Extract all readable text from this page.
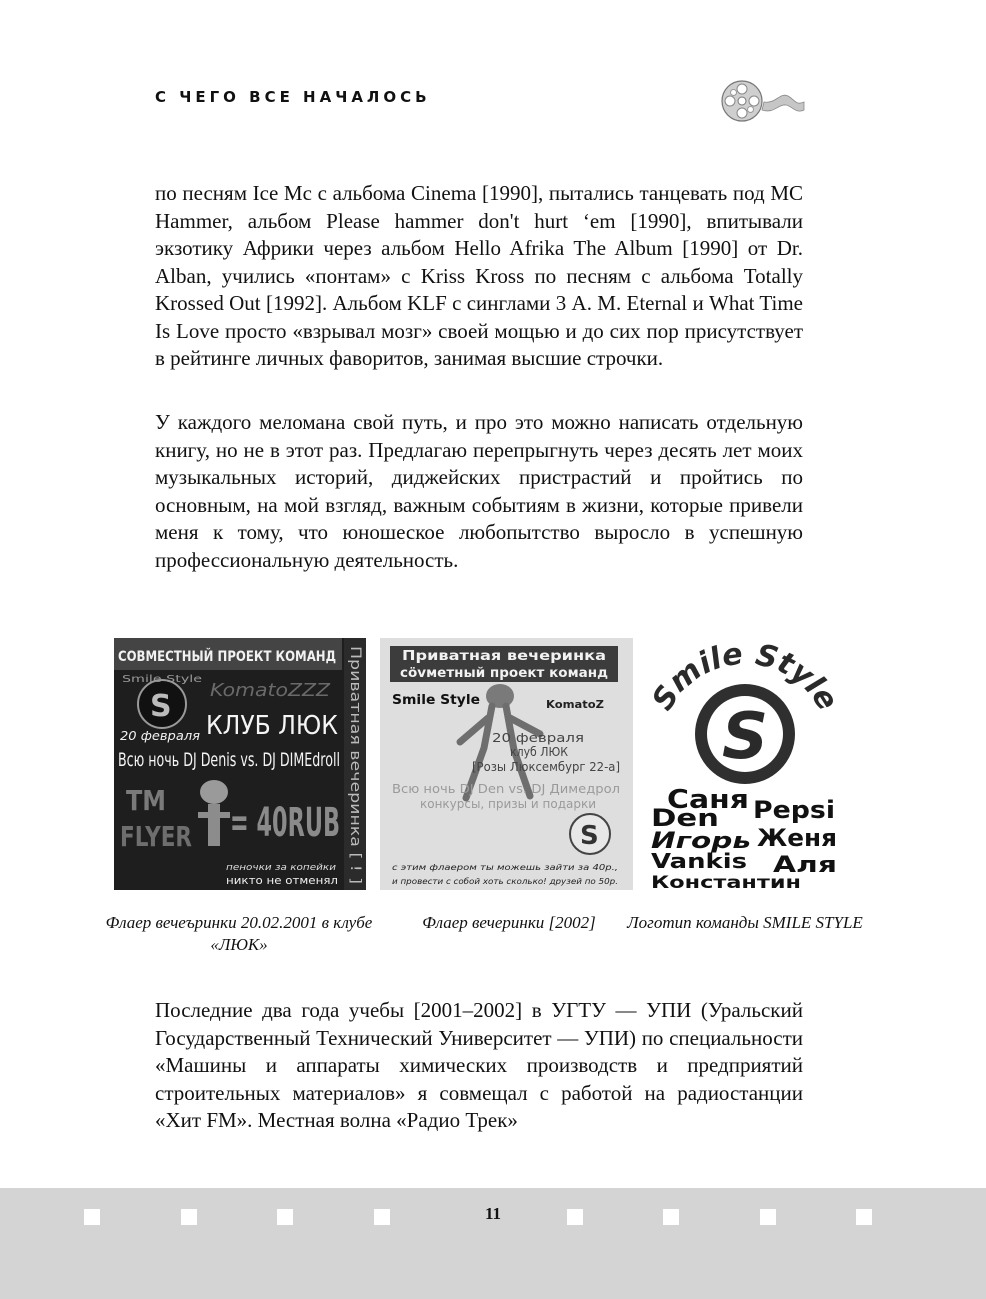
С ЧЕГО ВСЕ НАЧАЛОСЬ

по песням Ice Mc с альбома Cinema [1990], пытались танцевать под MC Hammer, альбом Please hammer don't hurt ‘em [1990], впитывали экзотику Африки через альбом Hello Afrika The Album [1990] от Dr. Alban, учились «понтам» с Kriss Kross по песням с альбома Totally Krossed Out [1992]. Альбом KLF с синглами 3 A. M. Eternal и What Time Is Love просто «взрывал мозг» своей мощью и до сих пор присутствует в рейтинге личных фаворитов, занимая высшие строчки.

У каждого меломана свой путь, и про это можно написать отдельную книгу, но не в этот раз. Предлагаю перепрыгнуть через десять лет моих музыкальных историй, диджейских пристрастий и пройтись по основным, на мой взгляд, важным событиям в жизни, которые привели меня к тому, что юношеское любопытство выросло в успешную профессиональную деятельность.

СОВМЕСТНЫЙ ПРОЕКТ КОМАНД
Приватная вечеринка [ ! ]
S
Smile Style
KomatoZZZ
20 февраля КЛУБ ЛЮК
Всю ночь DJ Denis vs. DJ DIMEdroll
TM
FLYER = 40RUB
пеночки за копейки
никто не отменял
Приватная вечеринка
сövметный проект команд
Smile Style	KomatoZ
20 февраля
клуб ЛЮК
[Розы Люксембург 22-а]
Всю ночь DJ Den vs. DJ Димедрол
конкурсы, призы и подарки
S
с этим флаером ты можешь зайти за 40р.,
и провести с собой хоть сколько! друзей по 50р.
Smile Style
S
Саня Pepsi
Den
Игорь Женя
Vankis Аля
Константин
Флаер вечеъринки 20.02.2001 в клубе «ЛЮК»
Флаер вечеринки [2002]	Логотип команды SMILE STYLE

Последние два года учебы [2001–2002] в УГТУ — УПИ (Уральский Государственный Технический Университет — УПИ) по специальности «Машины и аппараты химических производств и предприятий строительных материалов» я совмещал с работой на радиостанции «Хит FM». Местная волна «Радио Трек»

11
